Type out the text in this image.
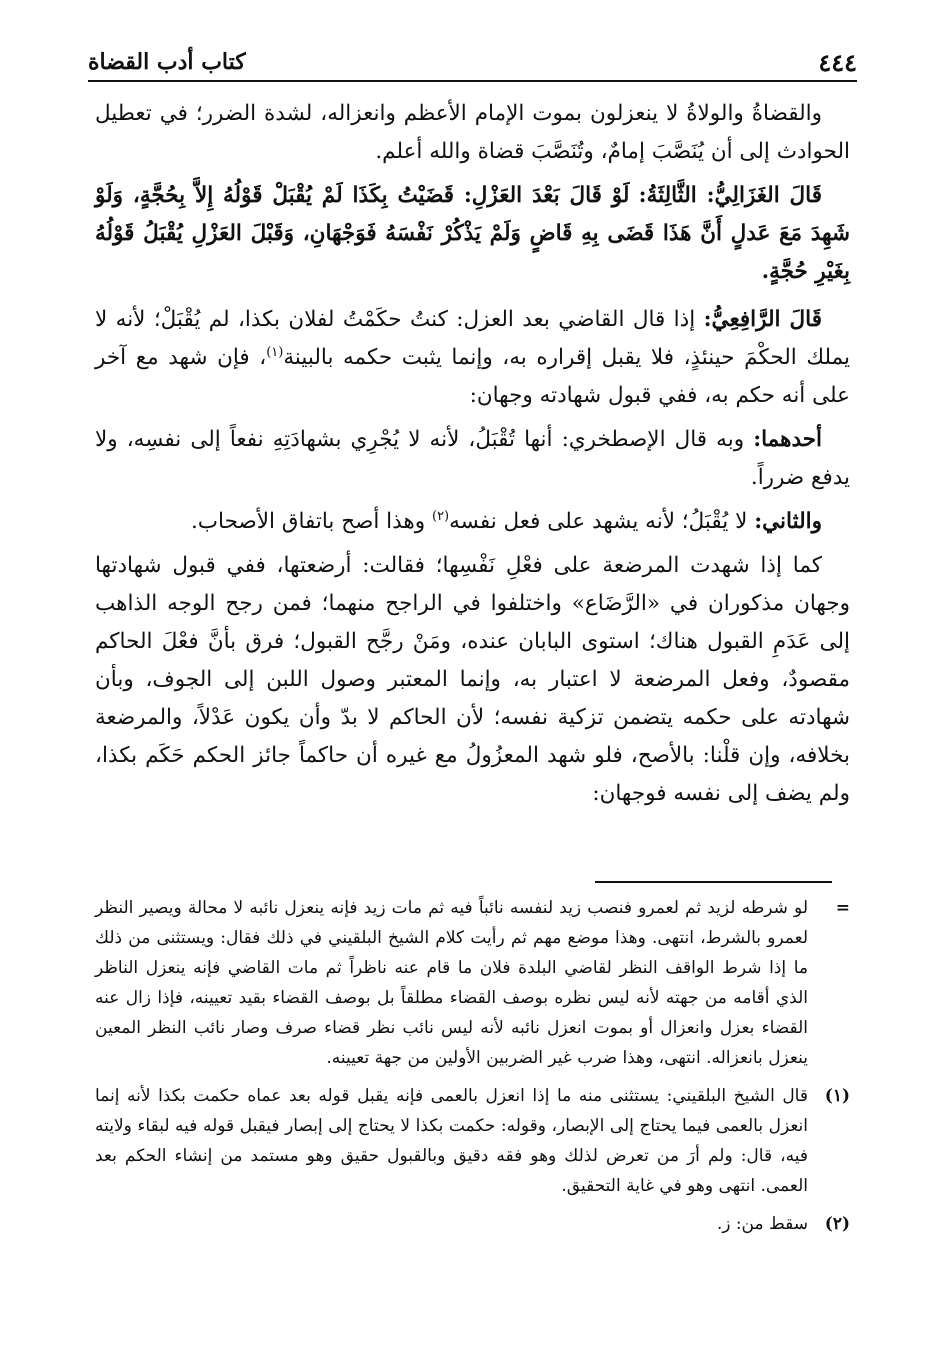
٤٤٤
كتاب أدب القضاة

والقضاةُ والولاةُ لا ينعزلون بموت الإمام الأعظم وانعزاله، لشدة الضرر؛ في تعطيل الحوادث إلى أن يُنَصَّبَ إمامٌ، وتُنَصَّبَ قضاة والله أعلم.

قَالَ الغَزَالِيُّ: الثَّالِثَةُ: لَوْ قَالَ بَعْدَ العَزْلِ: قَضَيْتُ بِكَذَا لَمْ يُقْبَلْ قَوْلُهُ إِلاَّ بِحُجَّةٍ، وَلَوْ شَهِدَ مَعَ عَدلٍ أَنَّ هَذَا قَضَى بِهِ قَاضٍ وَلَمْ يَذْكُرْ نَفْسَهُ فَوَجْهَانِ، وَقَبْلَ العَزْلِ يُقْبَلُ قَوْلُهُ بِغَيْرِ حُجَّةٍ.

قَالَ الرَّافِعِيُّ: إذا قال القاضي بعد العزل: كنتُ حكَمْتُ لفلان بكذا، لم يُقْبَلْ؛ لأنه لا يملك الحكْمَ حينئذٍ، فلا يقبل إقراره به، وإنما يثبت حكمه بالبينة$^{(١)}$، فإن شهد مع آخر على أنه حكم به، ففي قبول شهادته وجهان:

أحدهما: وبه قال الإصطخري: أنها تُقْبَلُ، لأنه لا يُجْرِي بشهادَتِهِ نفعاً إلى نفسِه، ولا يدفع ضرراً.

والثاني: لا يُقْبَلُ؛ لأنه يشهد على فعل نفسه$^{(٢)}$ وهذا أصح باتفاق الأصحاب.

كما إذا شهدت المرضعة على فعْلِ نَفْسِها؛ فقالت: أرضعتها، ففي قبول شهادتها وجهان مذكوران في «الرَّضَاع» واختلفوا في الراجح منهما؛ فمن رجح الوجه الذاهب إلى عَدَمِ القبول هناك؛ استوى البابان عنده، ومَنْ رجَّح القبول؛ فرق بأنَّ فعْلَ الحاكم مقصودٌ، وفعل المرضعة لا اعتبار به، وإنما المعتبر وصول اللبن إلى الجوف، وبأن شهادته على حكمه يتضمن تزكية نفسه؛ لأن الحاكم لا بدّ وأن يكون عَدْلاً، والمرضعة بخلافه، وإن قلْنا: بالأصح، فلو شهد المعزُولُ مع غيره أن حاكماً جائز الحكم حَكَم بكذا، ولم يضف إلى نفسه فوجهان:

=
لو شرطه لزيد ثم لعمرو فنصب زيد لنفسه نائباً فيه ثم مات زيد فإنه ينعزل نائبه لا محالة ويصير النظر لعمرو بالشرط، انتهى. وهذا موضع مهم ثم رأيت كلام الشيخ البلقيني في ذلك فقال: ويستثنى من ذلك ما إذا شرط الواقف النظر لقاضي البلدة فلان ما قام عنه ناظراً ثم مات القاضي فإنه ينعزل الناظر الذي أقامه من جهته لأنه ليس نظره بوصف القضاء مطلقاً بل بوصف القضاء بقيد تعيينه، فإذا زال عنه القضاء بعزل وانعزال أو بموت انعزل نائبه لأنه ليس نائب نظر قضاء صرف وصار نائب النظر المعين ينعزل بانعزاله. انتهى، وهذا ضرب غير الضربين الأولين من جهة تعيينه.
(١)
قال الشيخ البلقيني: يستثنى منه ما إذا انعزل بالعمى فإنه يقبل قوله بعد عماه حكمت بكذا لأنه إنما انعزل بالعمى فيما يحتاج إلى الإبصار، وقوله: حكمت بكذا لا يحتاج إلى إبصار فيقبل قوله فيه لبقاء ولايته فيه، قال: ولم أرَ من تعرض لذلك وهو فقه دقيق وبالقبول حقيق وهو مستمد من إنشاء الحكم بعد العمى. انتهى وهو في غاية التحقيق.
(٢)
سقط من: ز.
